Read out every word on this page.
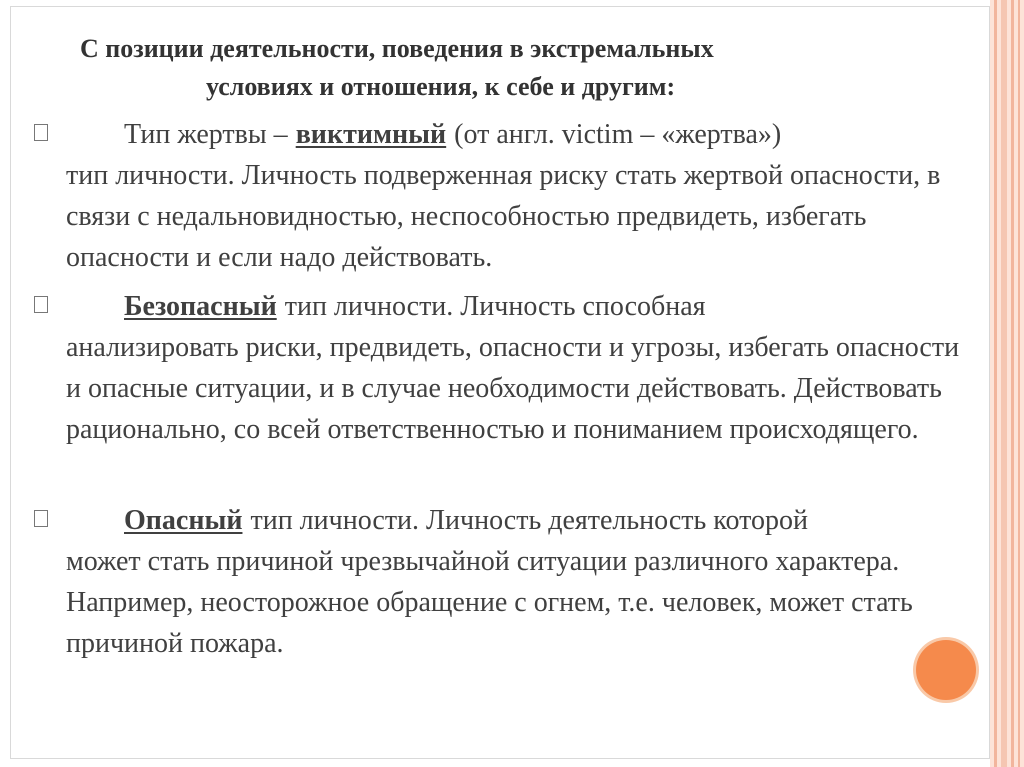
С позиции деятельности, поведения в экстремальных
условиях и отношения, к себе и другим:
Тип жертвы – виктимный (от англ. victim – «жертва»)
тип личности. Личность подверженная риску стать жертвой опасности, в связи с недальновидностью, неспособностью предвидеть, избегать опасности и если надо действовать.
Безопасный тип личности. Личность способная
анализировать риски, предвидеть, опасности и угрозы, избегать опасности и опасные ситуации, и в случае необходимости действовать. Действовать рационально, со всей ответственностью и пониманием происходящего.
Опасный тип личности. Личность деятельность которой
может стать причиной чрезвычайной ситуации различного характера. Например, неосторожное обращение с огнем, т.е. человек, может стать причиной пожара.
